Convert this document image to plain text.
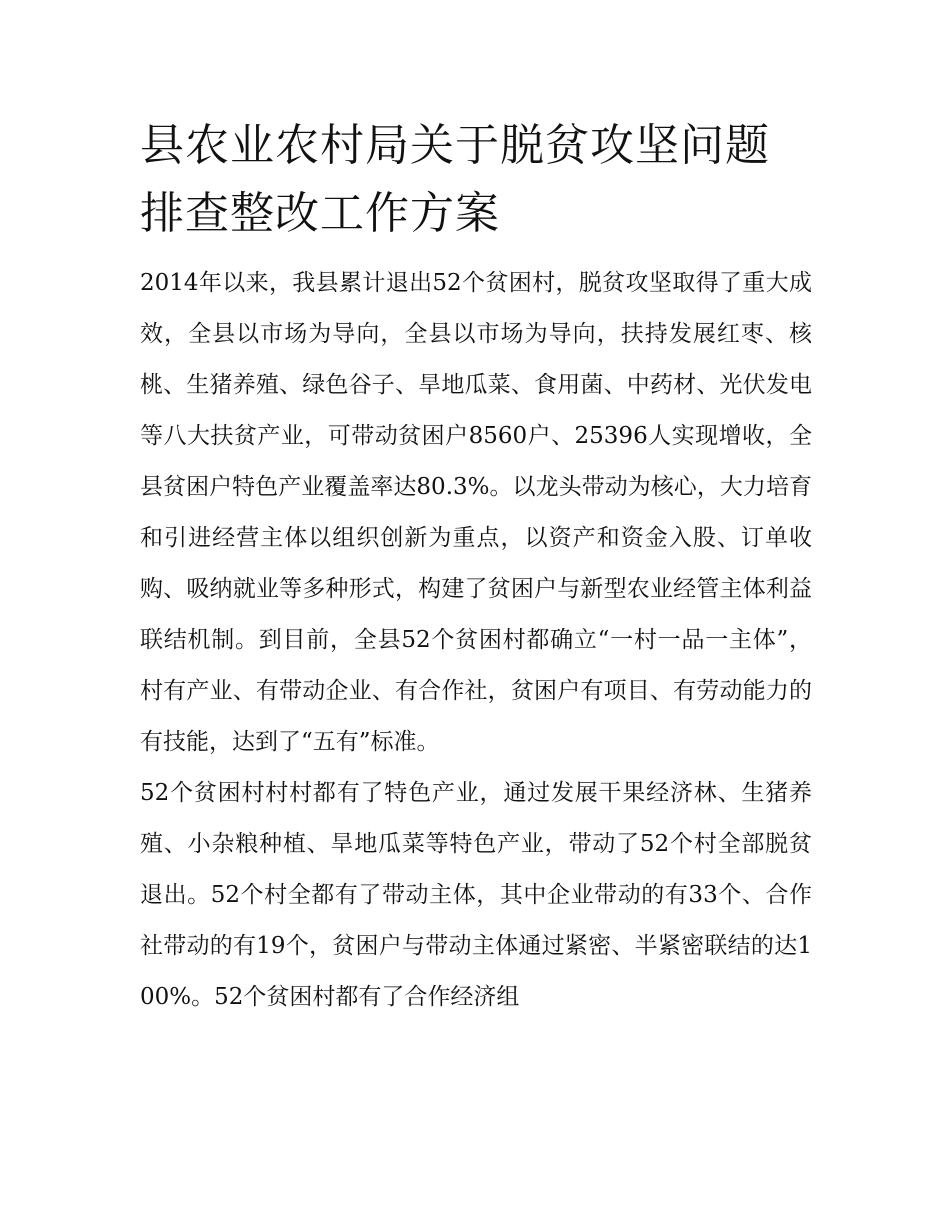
县农业农村局关于脱贫攻坚问题排查整改工作方案

2014年以来，我县累计退出52个贫困村，脱贫攻坚取得了重大成效，全县以市场为导向，全县以市场为导向，扶持发展红枣、核桃、生猪养殖、绿色谷子、旱地瓜菜、食用菌、中药材、光伏发电等八大扶贫产业，可带动贫困户8560户、25396人实现增收，全县贫困户特色产业覆盖率达80.3%。以龙头带动为核心，大力培育和引进经营主体以组织创新为重点，以资产和资金入股、订单收购、吸纳就业等多种形式，构建了贫困户与新型农业经管主体利益联结机制。到目前，全县52个贫困村都确立“一村一品一主体”，村有产业、有带动企业、有合作社，贫困户有项目、有劳动能力的有技能，达到了“五有”标准。

52个贫困村村村都有了特色产业，通过发展干果经济林、生猪养殖、小杂粮种植、旱地瓜菜等特色产业，带动了52个村全部脱贫退出。52个村全都有了带动主体，其中企业带动的有33个、合作社带动的有19个，贫困户与带动主体通过紧密、半紧密联结的达100%。52个贫困村都有了合作经济组
